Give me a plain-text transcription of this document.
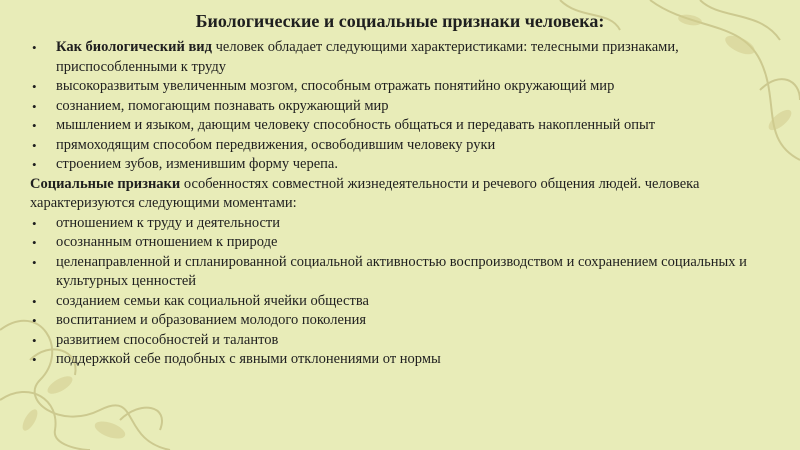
Биологические и социальные признаки человека:
• Как биологический вид человек обладает следующими характеристиками: телесными признаками, приспособленными к труду
• высокоразвитым увеличенным мозгом, способным отражать понятийно окружающий мир
• сознанием, помогающим познавать окружающий мир
• мышлением и языком, дающим человеку способность общаться и передавать накопленный опыт
• прямоходящим способом передвижения, освободившим человеку руки
• строением зубов, изменившим форму черепа.
Социальные признаки особенностях совместной жизнедеятельности и речевого общения людей. человека характеризуются следующими моментами:
• отношением к труду и деятельности
• осознанным отношением к природе
• целенаправленной и спланированной социальной активностью воспроизводством и сохранением социальных и культурных ценностей
• созданием семьи как социальной ячейки общества
• воспитанием и образованием молодого поколения
• развитием способностей и талантов
• поддержкой себе подобных с явными отклонениями от нормы
